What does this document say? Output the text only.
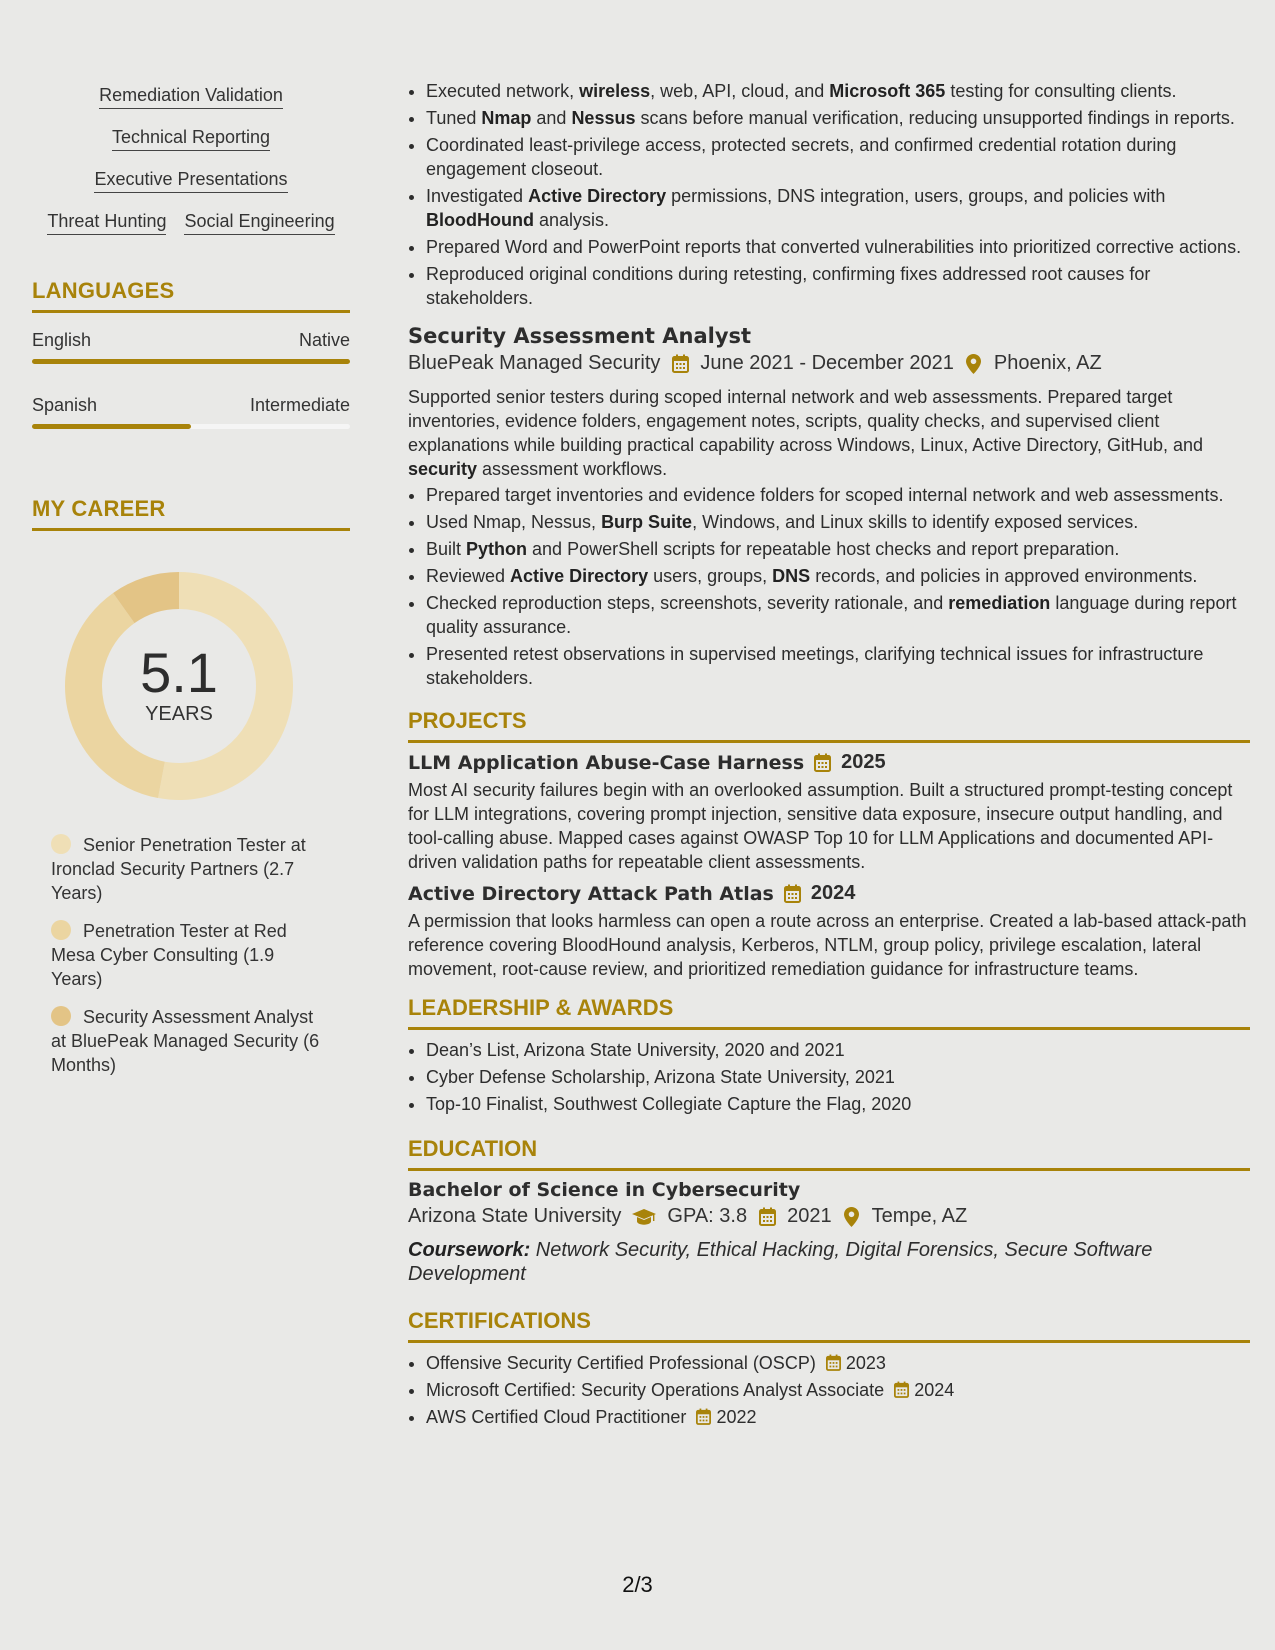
Remediation Validation
Technical Reporting
Executive Presentations
Threat Hunting Social Engineering
LANGUAGES
English	Native
Spanish	Intermediate
MY CAREER
5.1
YEARS
Senior Penetration Tester at Ironclad Security Partners (2.7 Years)
Penetration Tester at Red Mesa Cyber Consulting (1.9 Years)
Security Assessment Analyst at BluePeak Managed Security (6 Months)
• Executed network, wireless, web, API, cloud, and Microsoft 365 testing for consulting clients.
• Tuned Nmap and Nessus scans before manual verification, reducing unsupported findings in reports.
• Coordinated least-privilege access, protected secrets, and confirmed credential rotation during engagement closeout.
• Investigated Active Directory permissions, DNS integration, users, groups, and policies with BloodHound analysis.
• Prepared Word and PowerPoint reports that converted vulnerabilities into prioritized corrective actions.
• Reproduced original conditions during retesting, confirming fixes addressed root causes for stakeholders.
Security Assessment Analyst
BluePeak Managed Security June 2021 - December 2021 Phoenix, AZ

Supported senior testers during scoped internal network and web assessments. Prepared target inventories, evidence folders, engagement notes, scripts, quality checks, and supervised client explanations while building practical capability across Windows, Linux, Active Directory, GitHub, and security assessment workflows.

• Prepared target inventories and evidence folders for scoped internal network and web assessments.
• Used Nmap, Nessus, Burp Suite, Windows, and Linux skills to identify exposed services.
• Built Python and PowerShell scripts for repeatable host checks and report preparation.
• Reviewed Active Directory users, groups, DNS records, and policies in approved environments.
• Checked reproduction steps, screenshots, severity rationale, and remediation language during report quality assurance.
• Presented retest observations in supervised meetings, clarifying technical issues for infrastructure stakeholders.
PROJECTS
LLM Application Abuse-Case Harness 2025

Most AI security failures begin with an overlooked assumption. Built a structured prompt-testing concept for LLM integrations, covering prompt injection, sensitive data exposure, insecure output handling, and tool-calling abuse. Mapped cases against OWASP Top 10 for LLM Applications and documented API-driven validation paths for repeatable client assessments.

Active Directory Attack Path Atlas 2024

A permission that looks harmless can open a route across an enterprise. Created a lab-based attack-path reference covering BloodHound analysis, Kerberos, NTLM, group policy, privilege escalation, lateral movement, root-cause review, and prioritized remediation guidance for infrastructure teams.

LEADERSHIP & AWARDS
• Dean’s List, Arizona State University, 2020 and 2021
• Cyber Defense Scholarship, Arizona State University, 2021
• Top-10 Finalist, Southwest Collegiate Capture the Flag, 2020
EDUCATION
Bachelor of Science in Cybersecurity
Arizona State University GPA: 3.8 2021 Tempe, AZ
Coursework: Network Security, Ethical Hacking, Digital Forensics, Secure Software Development
CERTIFICATIONS
• Offensive Security Certified Professional (OSCP) 2023
• Microsoft Certified: Security Operations Analyst Associate 2024
• AWS Certified Cloud Practitioner 2022
2/3
